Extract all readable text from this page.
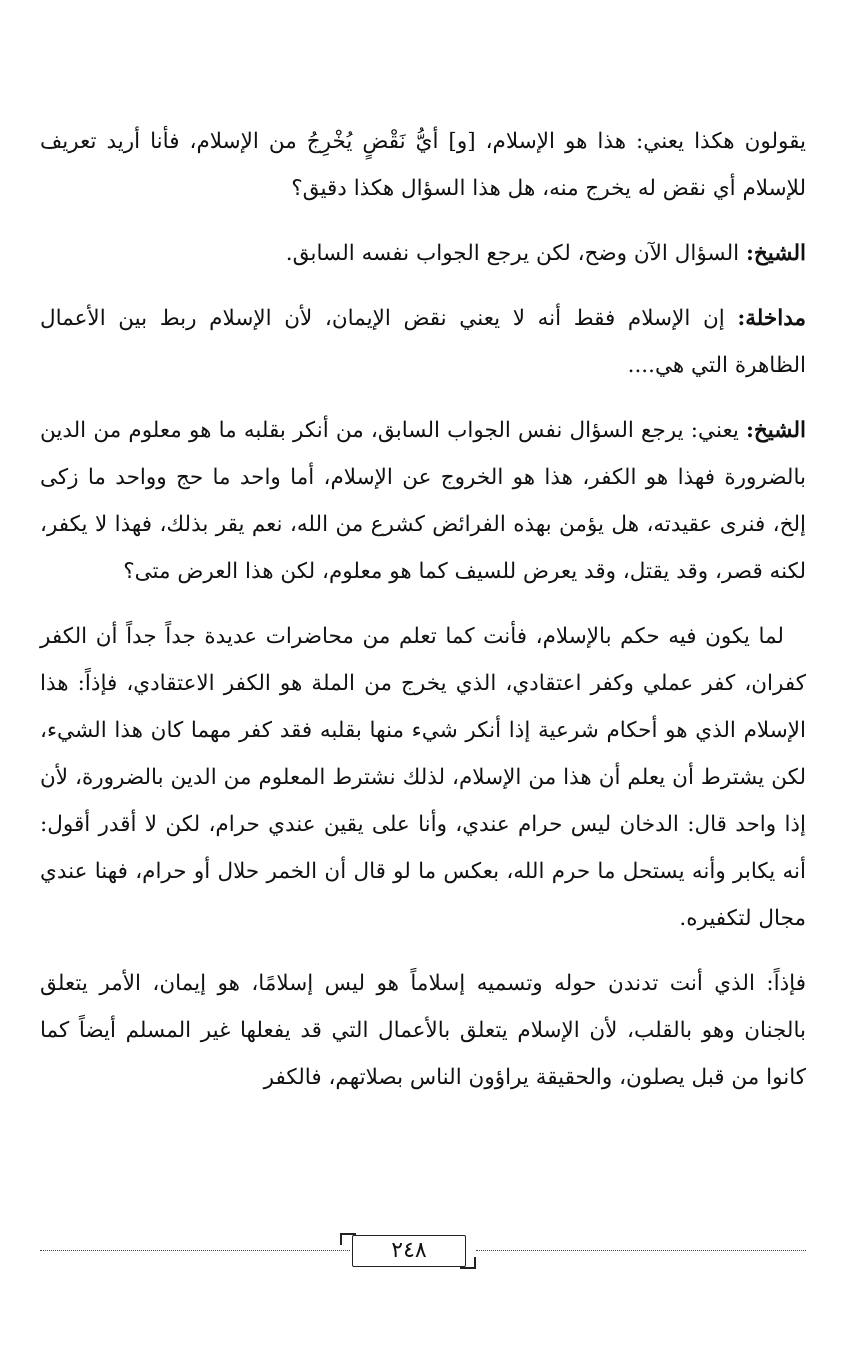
يقولون هكذا يعني: هذا هو الإسلام، [و] أيُّ نَقْضٍ يُخْرِجُ من الإسلام، فأنا أريد تعريف للإسلام أي نقض له يخرج منه، هل هذا السؤال هكذا دقيق؟

الشيخ: السؤال الآن وضح، لكن يرجع الجواب نفسه السابق.

مداخلة: إن الإسلام فقط أنه لا يعني نقض الإيمان، لأن الإسلام ربط بين الأعمال الظاهرة التي هي....

الشيخ: يعني: يرجع السؤال نفس الجواب السابق، من أنكر بقلبه ما هو معلوم من الدين بالضرورة فهذا هو الكفر، هذا هو الخروج عن الإسلام، أما واحد ما حج وواحد ما زكى إلخ، فنرى عقيدته، هل يؤمن بهذه الفرائض كشرع من الله، نعم يقر بذلك، فهذا لا يكفر، لكنه قصر، وقد يقتل، وقد يعرض للسيف كما هو معلوم، لكن هذا العرض متى؟

لما يكون فيه حكم بالإسلام، فأنت كما تعلم من محاضرات عديدة جداً جداً أن الكفر كفران، كفر عملي وكفر اعتقادي، الذي يخرج من الملة هو الكفر الاعتقادي، فإذاً: هذا الإسلام الذي هو أحكام شرعية إذا أنكر شيء منها بقلبه فقد كفر مهما كان هذا الشيء، لكن يشترط أن يعلم أن هذا من الإسلام، لذلك نشترط المعلوم من الدين بالضرورة، لأن إذا واحد قال: الدخان ليس حرام عندي، وأنا على يقين عندي حرام، لكن لا أقدر أقول: أنه يكابر وأنه يستحل ما حرم الله، بعكس ما لو قال أن الخمر حلال أو حرام، فهنا عندي مجال لتكفيره.

فإذاً: الذي أنت تدندن حوله وتسميه إسلاماً هو ليس إسلامًا، هو إيمان، الأمر يتعلق بالجنان وهو بالقلب، لأن الإسلام يتعلق بالأعمال التي قد يفعلها غير المسلم أيضاً كما كانوا من قبل يصلون، والحقيقة يراؤون الناس بصلاتهم، فالكفر

٢٤٨
